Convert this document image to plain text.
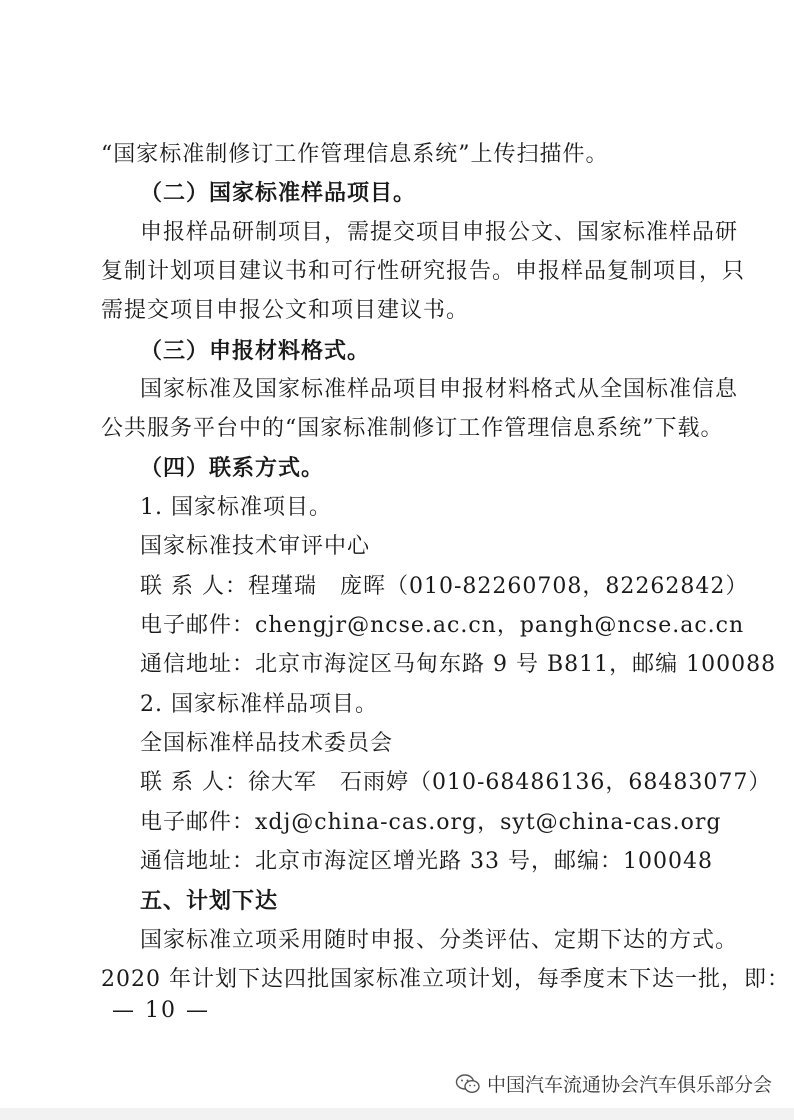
“国家标准制修订工作管理信息系统”上传扫描件。
（二）国家标准样品项目。
申报样品研制项目，需提交项目申报公文、国家标准样品研
复制计划项目建议书和可行性研究报告。申报样品复制项目，只
需提交项目申报公文和项目建议书。
（三）申报材料格式。
国家标准及国家标准样品项目申报材料格式从全国标准信息
公共服务平台中的“国家标准制修订工作管理信息系统”下载。
（四）联系方式。
1. 国家标准项目。
国家标准技术审评中心
联 系 人：程瑾瑞　庞晖（010-82260708，82262842）
电子邮件：chengjr@ncse.ac.cn，pangh@ncse.ac.cn
通信地址：北京市海淀区马甸东路 9 号 B811，邮编 100088
2. 国家标准样品项目。
全国标准样品技术委员会
联 系 人：徐大军　石雨婷（010-68486136，68483077）
电子邮件：xdj@china-cas.org，syt@china-cas.org
通信地址：北京市海淀区增光路 33 号，邮编：100048
五、计划下达
国家标准立项采用随时申报、分类评估、定期下达的方式。
2020 年计划下达四批国家标准立项计划，每季度末下达一批，即：
— 10 —
中国汽车流通协会汽车俱乐部分会
